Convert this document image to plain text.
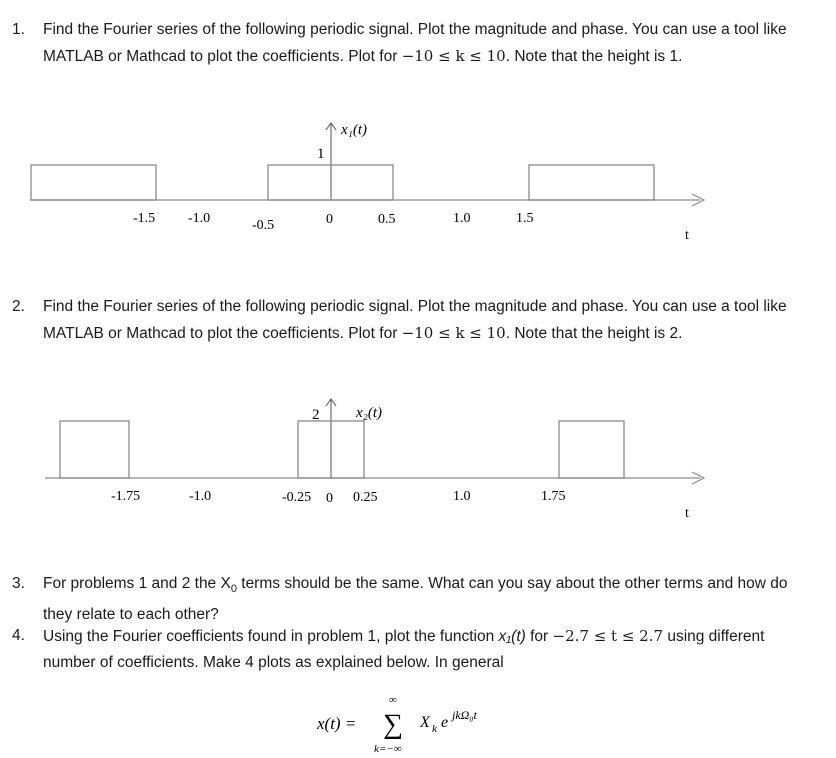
1. Find the Fourier series of the following periodic signal. Plot the magnitude and phase. You can use a tool like MATLAB or Mathcad to plot the coefficients. Plot for −10 ≤ k ≤ 10. Note that the height is 1.
x₁(t)
1
-1.5 -1.0	-0.5	0	0.5	1.0	1.5
t
2. Find the Fourier series of the following periodic signal. Plot the magnitude and phase. You can use a tool like MATLAB or Mathcad to plot the coefficients. Plot for −10 ≤ k ≤ 10. Note that the height is 2.
x₂(t)
2
-1.75	-1.0	-0.25 0 0.25	1.0	1.75
t
3. For problems 1 and 2 the $X_0$ terms should be the same. What can you say about the other terms and how do they relate to each other?
4. Using the Fourier coefficients found in problem 1, plot the function x₁(t) for −2.7 ≤ t ≤ 2.7 using different number of coefficients. Make 4 plots as explained below. In general
x(t) =
∞
∑
k=−∞
X k e jkΩ₀t
